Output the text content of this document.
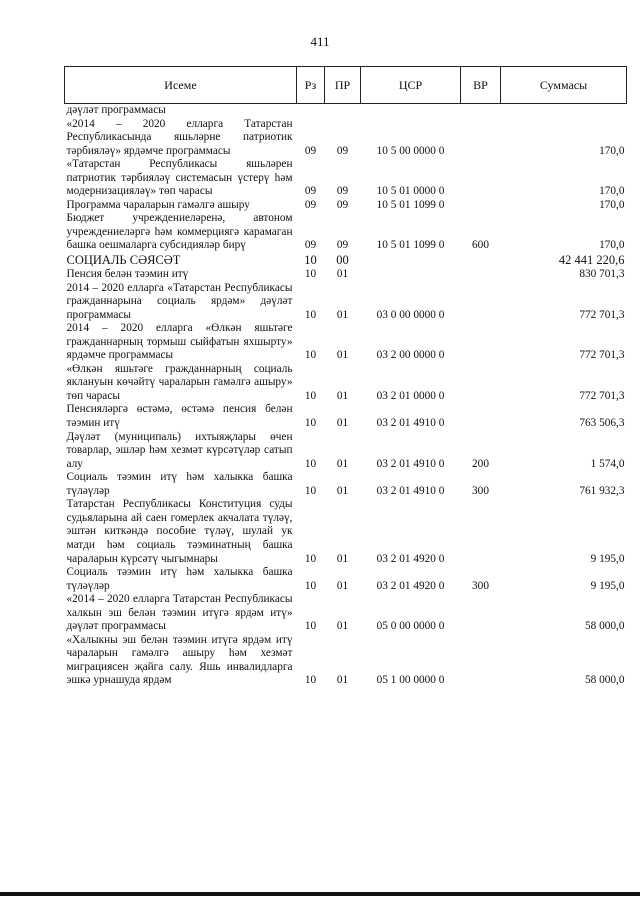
411
Исеме	Рз	ПР	ЦСР	ВР	Суммасы
дәүләт программасы					
«2014 – 2020 елларга Татарстан Республикасында яшьләрне патриотик тәрбияләү» ярдәмче программасы	09	09	10 5 00 0000 0		170,0
«Татарстан Республикасы яшьләрен патриотик тәрбияләү системасын үстерү һәм модернизацияләү» төп чарасы	09	09	10 5 01 0000 0		170,0
Программа чараларын гамәлгә ашыру	09	09	10 5 01 1099 0		170,0
Бюджет учреждениеләренә, автоном учреждениеләргә һәм коммерциягә карамаган башка оешмаларга субсидияләр бирү	09	09	10 5 01 1099 0	600	170,0
СОЦИАЛЬ СӘЯСӘТ	10	00			42 441 220,6
Пенсия белән тәэмин итү	10	01			830 701,3
2014 – 2020 елларга «Татарстан Республикасы гражданнарына социаль ярдәм» дәүләт программасы	10	01	03 0 00 0000 0		772 701,3
2014 – 2020 елларга «Өлкән яшьтәге гражданнарның тормыш сыйфатын яхшырту» ярдәмче программасы	10	01	03 2 00 0000 0		772 701,3
«Өлкән яшьтәге гражданнарның социаль яклануын көчәйтү чараларын гамәлгә ашыру» төп чарасы	10	01	03 2 01 0000 0		772 701,3
Пенсияләргә өстәмә, өстәмә пенсия белән тәэмин итү	10	01	03 2 01 4910 0		763 506,3
Дәүләт (муниципаль) ихтыяҗлары өчен товарлар, эшләр һәм хезмәт күрсәтүләр сатып алу	10	01	03 2 01 4910 0	200	1 574,0
Социаль тәэмин итү һәм халыкка башка түләүләр	10	01	03 2 01 4910 0	300	761 932,3
Татарстан Республикасы Конституция суды судьяларына ай саен гомерлек акчалата түләү, эштән киткәндә пособие түләү, шулай ук матди һәм социаль тәэминатның башка чараларын күрсәтү чыгымнары	10	01	03 2 01 4920 0		9 195,0
Социаль тәэмин итү һәм халыкка башка түләүләр	10	01	03 2 01 4920 0	300	9 195,0
«2014 – 2020 елларга Татарстан Республикасы халкын эш белән тәэмин итүгә ярдәм итү» дәүләт программасы	10	01	05 0 00 0000 0		58 000,0
«Халыкны эш белән тәэмин итүгә ярдәм итү чараларын гамәлгә ашыру һәм хезмәт миграциясен җайга салу. Яшь инвалидларга эшкә урнашуда ярдәм	10	01	05 1 00 0000 0		58 000,0
